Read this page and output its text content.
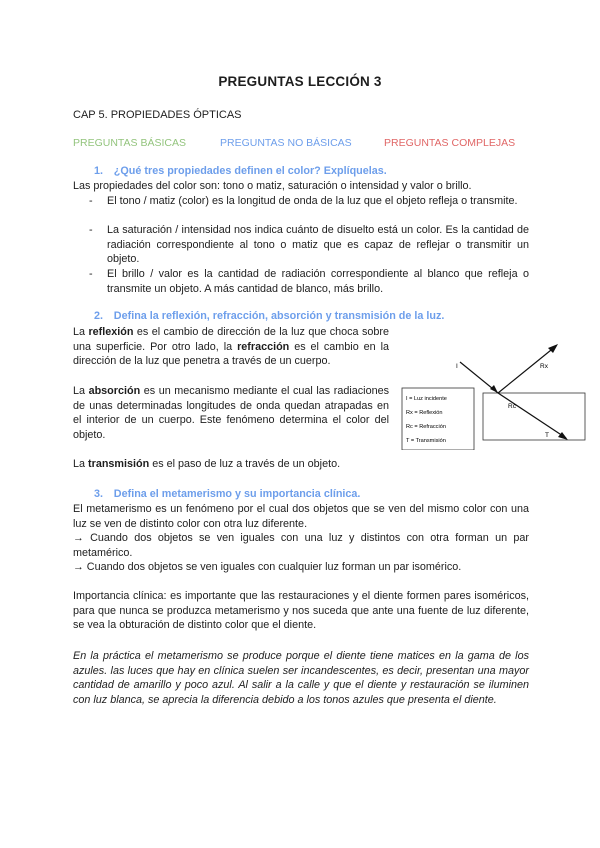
PREGUNTAS LECCIÓN 3
CAP 5. PROPIEDADES ÓPTICAS
PREGUNTAS BÁSICAS	PREGUNTAS NO BÁSICAS	PREGUNTAS COMPLEJAS
1. ¿Qué tres propiedades definen el color? Explíquelas.

Las propiedades del color son: tono o matiz, saturación o intensidad y valor o brillo.

- El tono / matiz (color) es la longitud de onda de la luz que el objeto refleja o transmite.
- La saturación / intensidad nos indica cuánto de disuelto está un color. Es la cantidad de radiación correspondiente al tono o matiz que es capaz de reflejar o transmitir un objeto.
- El brillo / valor es la cantidad de radiación correspondiente al blanco que refleja o transmite un objeto. A más cantidad de blanco, más brillo.
2. Defina la reflexión, refracción, absorción y transmisión de la luz.

La reflexión es el cambio de dirección de la luz que choca sobre una superficie. Por otro lado, la refracción es el cambio en la dirección de la luz que penetra a través de un cuerpo.

La absorción es un mecanismo mediante el cual las radiaciones de unas determinadas longitudes de onda quedan atrapadas en el interior de un cuerpo. Este fenómeno determina el color del objeto.

La transmisión es el paso de luz a través de un objeto.

I	Rx
Rc
T
I = Luz incidente
Rx = Reflexión
Rc = Refracción
T = Transmisión
3. Defina el metamerismo y su importancia clínica.

El metamerismo es un fenómeno por el cual dos objetos que se ven del mismo color con una luz se ven de distinto color con otra luz diferente.

→ Cuando dos objetos se ven iguales con una luz y distintos con otra forman un par metamérico.

→ Cuando dos objetos se ven iguales con cualquier luz forman un par isomérico.

Importancia clínica: es importante que las restauraciones y el diente formen pares isoméricos, para que nunca se produzca metamerismo y nos suceda que ante una fuente de luz diferente, se vea la obturación de distinto color que el diente.

En la práctica el metamerismo se produce porque el diente tiene matices en la gama de los azules. las luces que hay en clínica suelen ser incandescentes, es decir, presentan una mayor cantidad de amarillo y poco azul. Al salir a la calle y que el diente y restauración se iluminen con luz blanca, se aprecia la diferencia debido a los tonos azules que presenta el diente.
